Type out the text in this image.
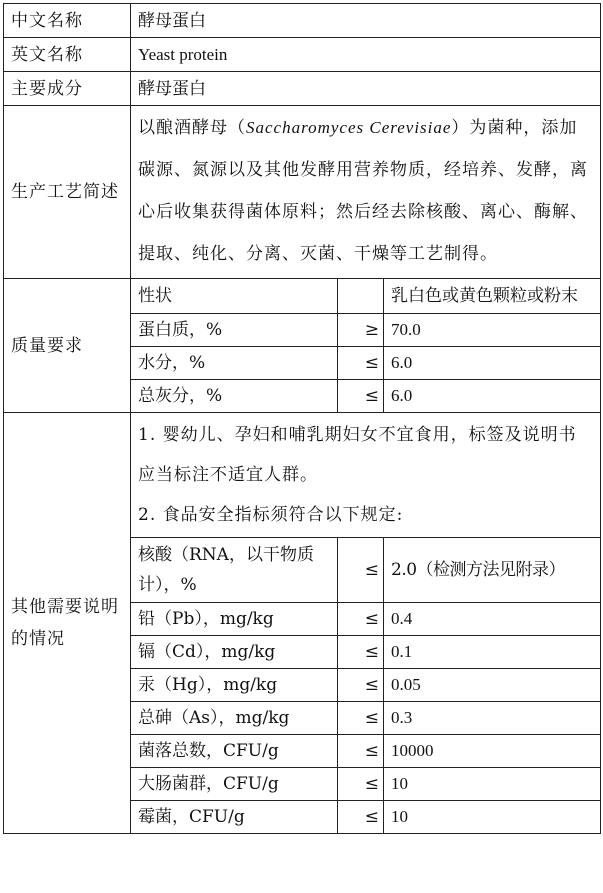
中文名称	酵母蛋白		
英文名称	Yeast protein		
主要成分	酵母蛋白		
生产工艺简述	以酿酒酵母（Saccharomyces Cerevisiae）为菌种，添加碳源、氮源以及其他发酵用营养物质，经培养、发酵，离心后收集获得菌体原料；然后经去除核酸、离心、酶解、提取、纯化、分离、灭菌、干燥等工艺制得。		
质量要求	性状		乳白色或黄色颗粒或粉末
	蛋白质，%	≥	70.0
	水分，%	≤	6.0
	总灰分，%	≤	6.0
其他需要说明的情况	1. 婴幼儿、孕妇和哺乳期妇女不宜食用，标签及说明书应当标注不适宜人群。
2. 食品安全指标须符合以下规定:		

	核酸（RNA，以干物质计），%	≤	2.0（检测方法见附录）
	铅（Pb），mg/kg	≤	0.4
	镉（Cd），mg/kg	≤	0.1
	汞（Hg），mg/kg	≤	0.05
	总砷（As），mg/kg	≤	0.3
	菌落总数，CFU/g	≤	10000
	大肠菌群，CFU/g	≤	10
	霉菌，CFU/g	≤	10
